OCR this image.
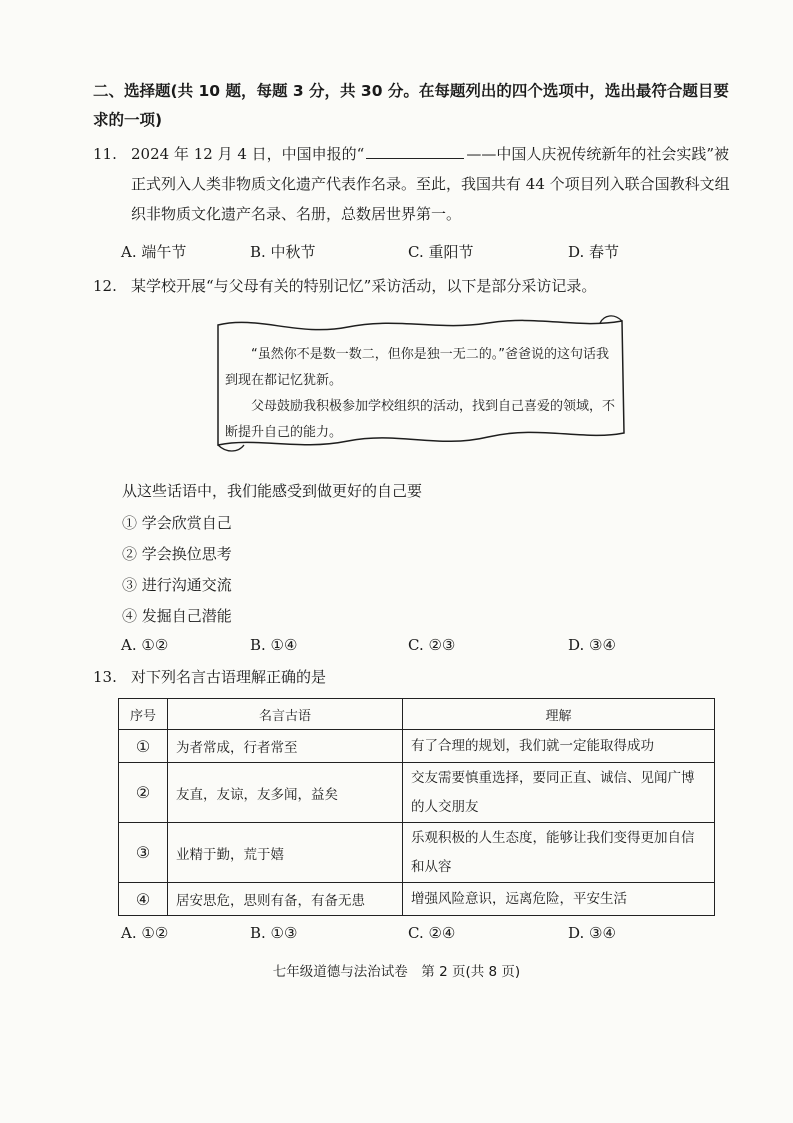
二、选择题(共 10 题，每题 3 分，共 30 分。在每题列出的四个选项中，选出最符合题目要求的一项)
11. 2024 年 12 月 4 日，中国申报的“	——中国人庆祝传统新年的社会实践”被正式列入人类非物质文化遗产代表作名录。至此，我国共有 44 个项目列入联合国教科文组织非物质文化遗产名录、名册，总数居世界第一。
A. 端午节	B. 中秋节	C. 重阳节	D. 春节
12. 某学校开展“与父母有关的特别记忆”采访活动，以下是部分采访记录。

“虽然你不是数一数二，但你是独一无二的。”爸爸说的这句话我到现在都记忆犹新。

父母鼓励我积极参加学校组织的活动，找到自己喜爱的领域，不断提升自己的能力。

从这些话语中，我们能感受到做更好的自己要
① 学会欣赏自己
② 学会换位思考
③ 进行沟通交流
④ 发掘自己潜能
A. ①②	B. ①④	C. ②③	D. ③④
13. 对下列名言古语理解正确的是
序号	名言古语	理解
①	为者常成，行者常至	有了合理的规划，我们就一定能取得成功
②	友直，友谅，友多闻，益矣	交友需要慎重选择，要同正直、诚信、见闻广博的人交朋友
③	业精于勤，荒于嬉	乐观积极的人生态度，能够让我们变得更加自信和从容
④	居安思危，思则有备，有备无患	增强风险意识，远离危险，平安生活
A. ①②	B. ①③	C. ②④	D. ③④
七年级道德与法治试卷　第 2 页(共 8 页)
